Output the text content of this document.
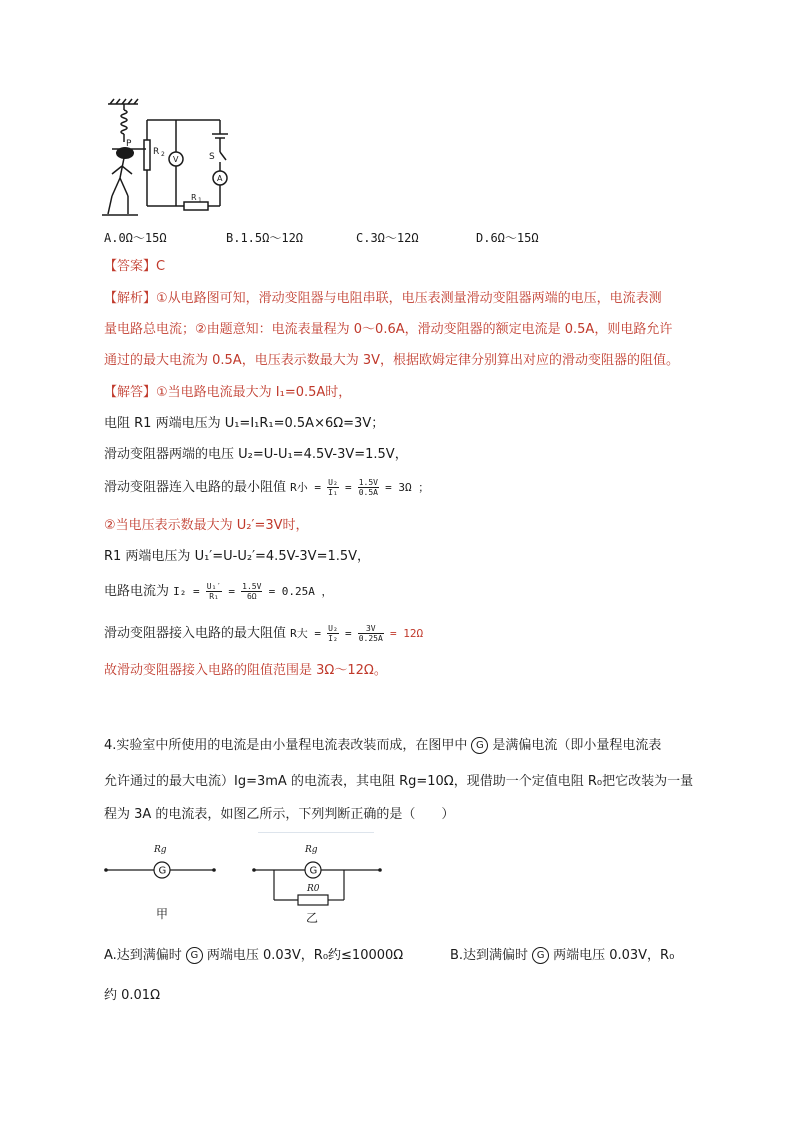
P
R 2
V	S
A
R 1
A.0Ω～15Ω	B.1.5Ω～12Ω	C.3Ω～12Ω	D.6Ω～15Ω
【答案】C
【解析】①从电路图可知，滑动变阻器与电阻串联，电压表测量滑动变阻器两端的电压，电流表测
量电路总电流；②由题意知：电流表量程为 0～0.6A，滑动变阻器的额定电流是 0.5A，则电路允许
通过的最大电流为 0.5A，电压表示数最大为 3V，根据欧姆定律分别算出对应的滑动变阻器的阻值。
【解答】①当电路电流最大为 I₁=0.5A时，
电阻 R1 两端电压为 U₁=I₁R₁=0.5A×6Ω=3V；
滑动变阻器两端的电压 U₂=U-U₁=4.5V-3V=1.5V，
滑动变阻器连入电路的最小阻值 R小 = $\frac{\text{U₂}}{\text{I₁}} = \frac{1.5V}{0.5A} = 3\Omega$ ；
②当电压表示数最大为 U₂′=3V时，
R1 两端电压为 U₁′=U-U₂′=4.5V-3V=1.5V，
电路电流为 $I_2 = \frac{\text{U₁′}}{\text{R₁}} = \frac{1.5V}{6\Omega} = 0.25A$ ，
滑动变阻器接入电路的最大阻值 R大 = $\frac{\text{U₂}}{\text{I₂}} = \frac{3V}{0.25A} = 12\Omega$
故滑动变阻器接入电路的阻值范围是 3Ω～12Ω。
4.实验室中所使用的电流是由小量程电流表改装而成，在图甲中 G 是满偏电流（即小量程电流表
允许通过的最大电流）Ig=3mA 的电流表，其电阻 Rg=10Ω，现借助一个定值电阻 R₀把它改装为一量
程为 3A 的电流表，如图乙所示，下列判断正确的是（　　）
G
Rg
甲
G
Rg
R0
乙
A.达到满偏时 G 两端电压 0.03V，R₀约≤10000Ω	B.达到满偏时 G 两端电压 0.03V，R₀
约 0.01Ω
